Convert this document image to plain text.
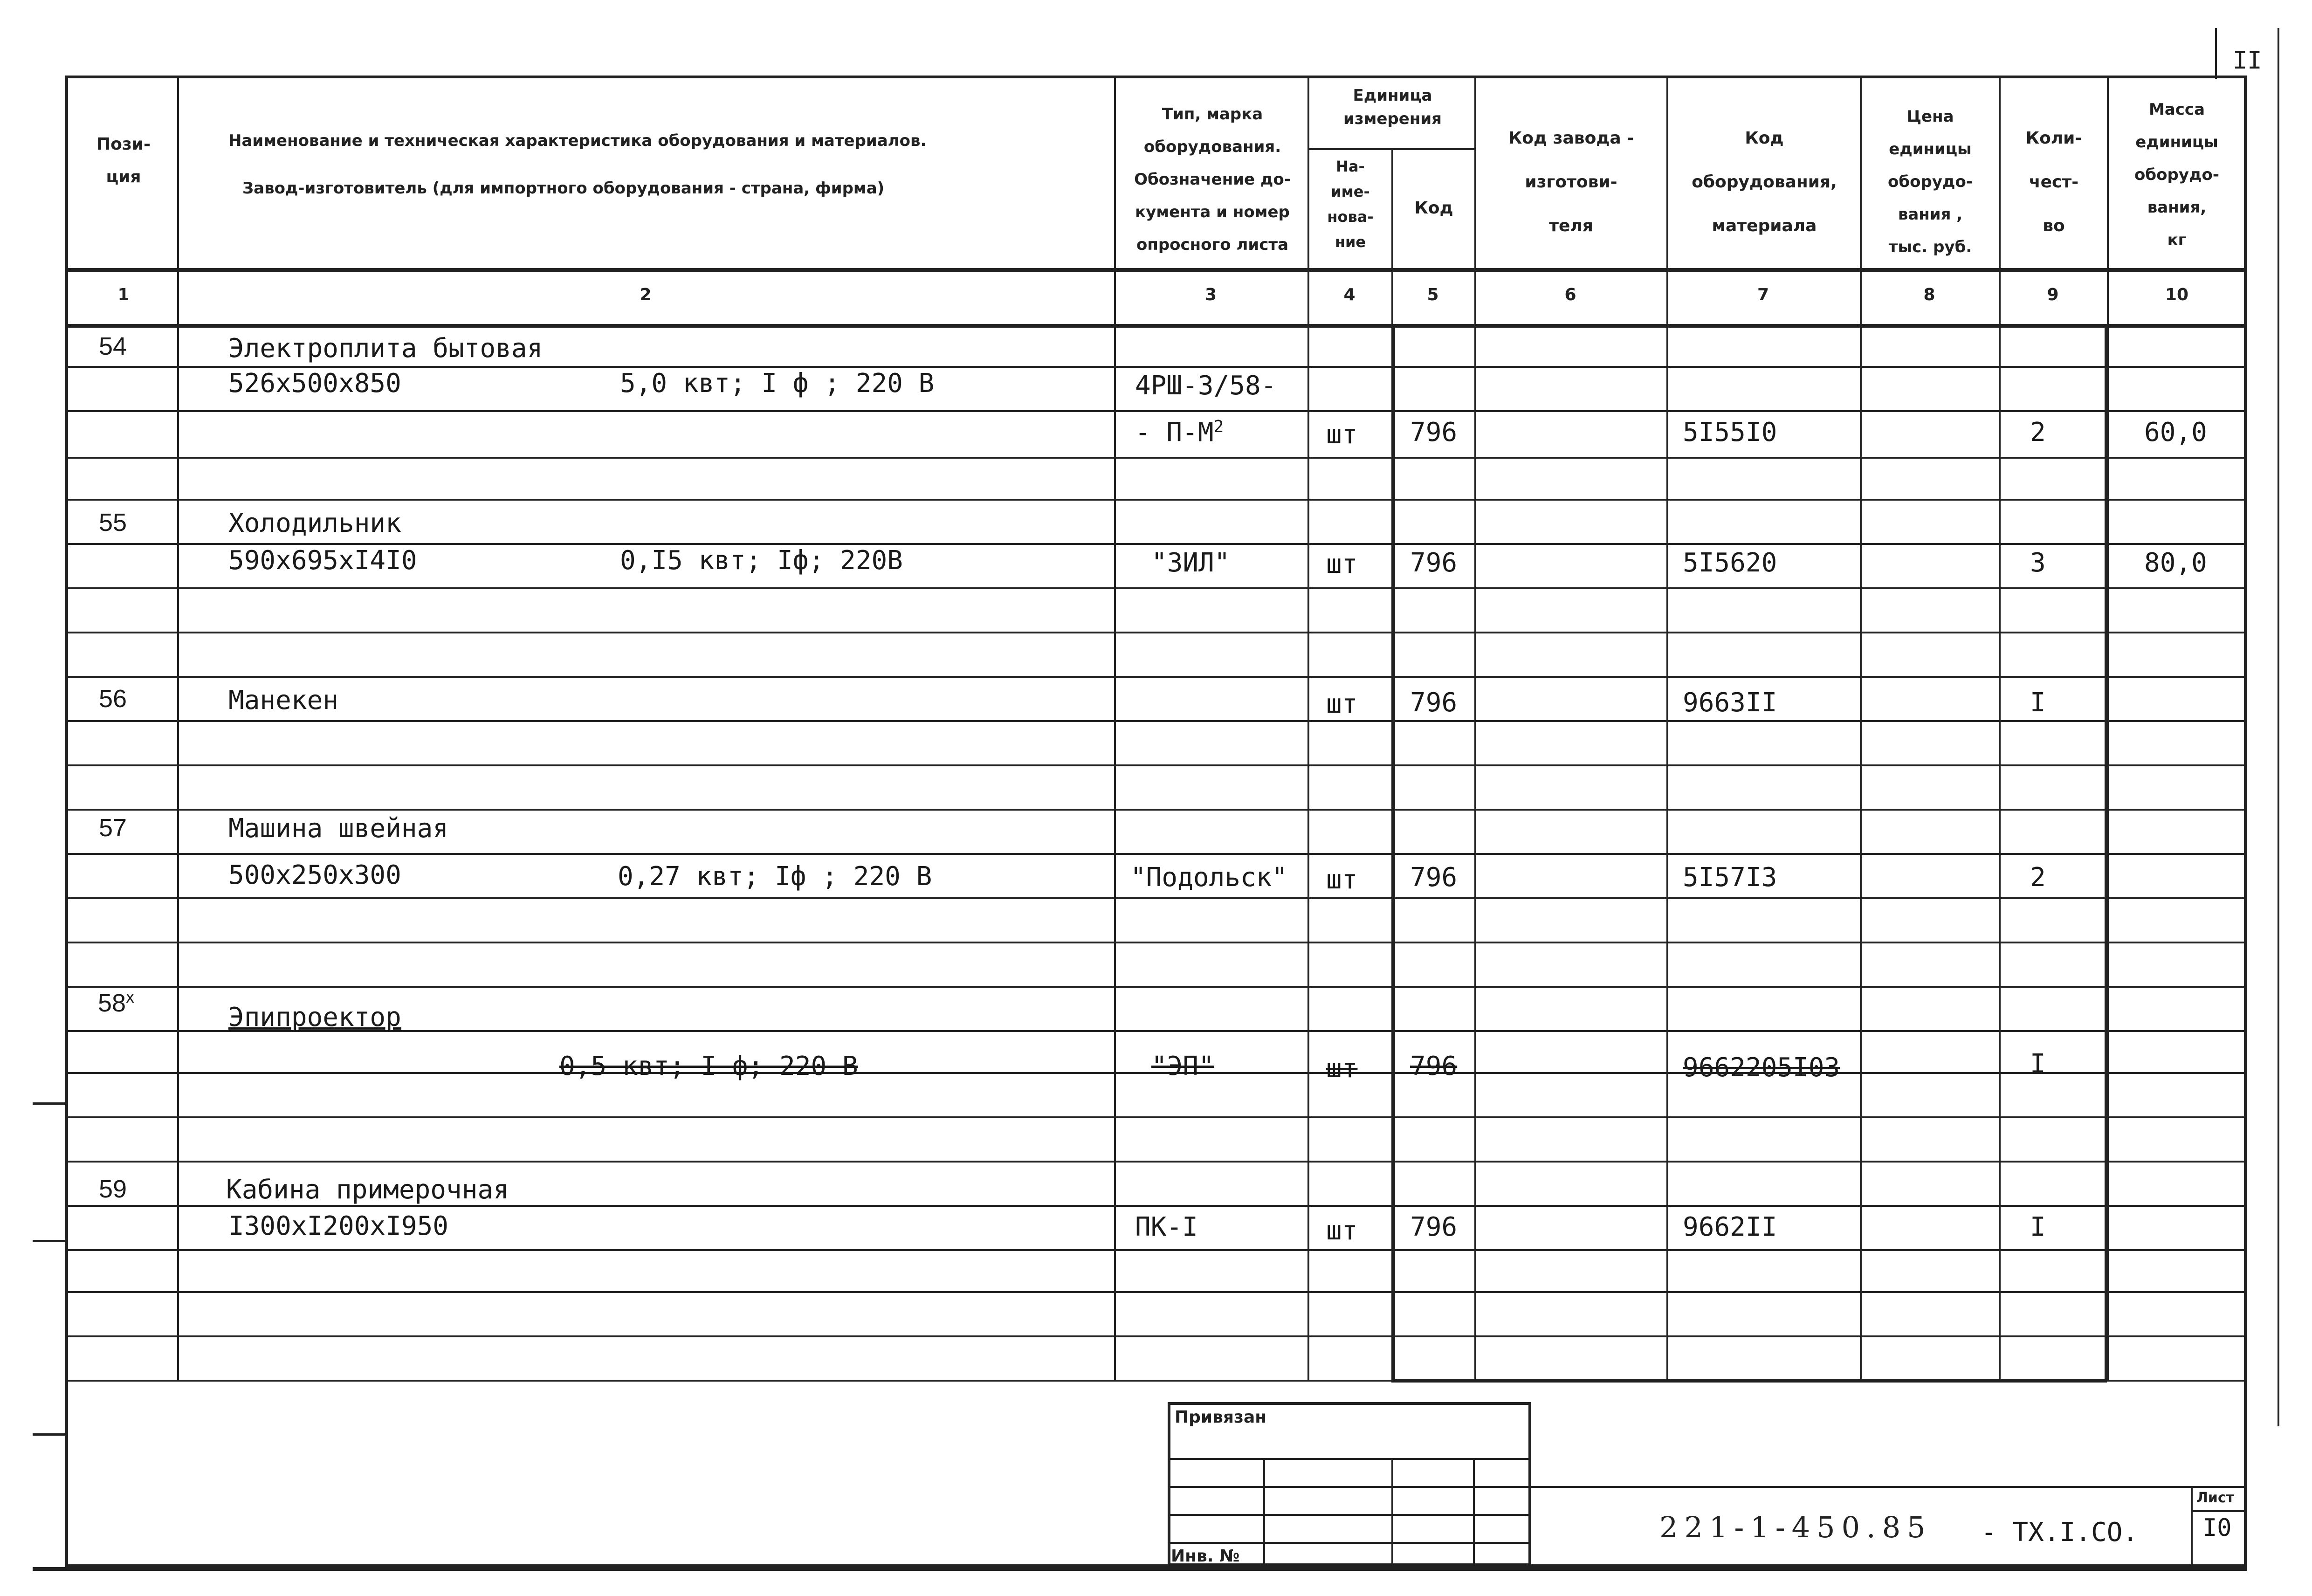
II
Пози-
ция
Наименование и техническая характеристика оборудования и материалов.
Завод-изготовитель (для импортного оборудования - страна, фирма)
Тип, марка
оборудования.
Обозначение до-
кумента и номер
опросного листа
Единица
измерения
На-
име-
нова-
ние
Код
Код завода -
изготови-
теля
Код
оборудования,
материала
Цена
единицы
оборудо-
вания ,
тыс. руб.
Коли-
чест-
во
Масса
единицы
оборудо-
вания,
кг
1	2	3	4	5	6	7	8	9	10
54	Электроплита бытовая
526x500x850	5,0 квт; I ф ; 220 В	4РШ-3/58-
- $П-М^2$	шт 796	5I55I0	2	60,0
55	Холодильник
590x695xI4I0	0,I5 квт; Iф; 220В	"ЗИЛ"	шт 796	5I5620	3	80,0
56	Манекен	шт 796	9663II	I
57	Машина швейная
500x250x300	0,27 квт; Iф ; 220 В	"Подольск" шт 796	5I57I3	2
58$^x$
Эпипроектор
0,5 квт; I ф; 220 В	"ЭП"	шт 796	9662205I03	I
59	Кабина примерочная
I300xI200xI950	ПК-I	шт 796	9662II	I
Привязан
Инв. №
221-1-450.85 - ТХ.I.СО.
Лист
I0
